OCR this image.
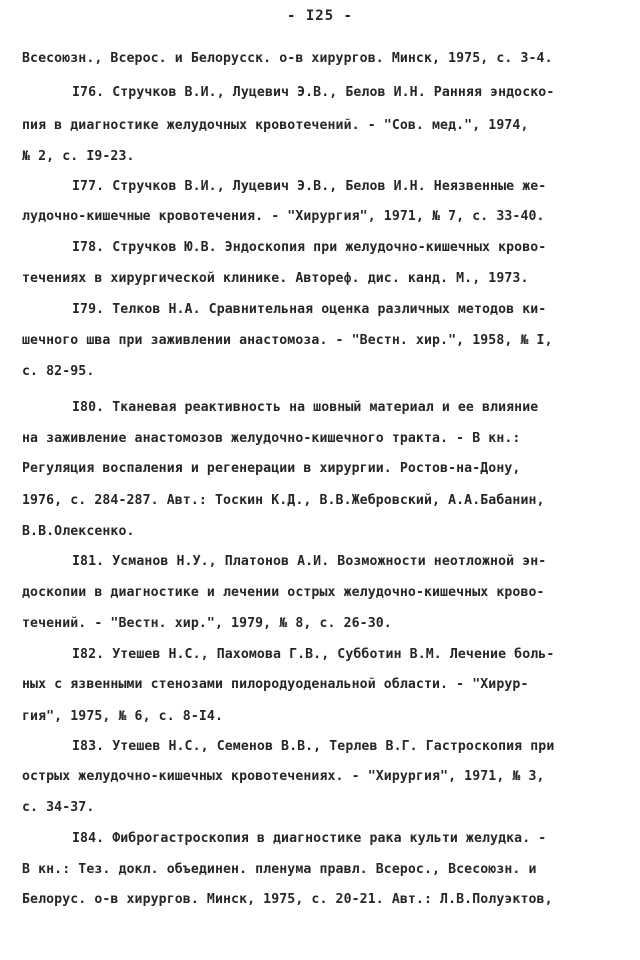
- I25 -
Всесоюзн., Всерос. и Белорусск. о-в хирургов. Минск, 1975, с. 3-4.
I76. Стручков В.И., Луцевич Э.В., Белов И.Н. Ранняя эндоско-
пия в диагностике желудочных кровотечений. - "Сов. мед.", 1974,
№ 2, с. I9-23.
I77. Стручков В.И., Луцевич Э.В., Белов И.Н. Неязвенные же-
лудочно-кишечные кровотечения. - "Хирургия", 1971, № 7, с. 33-40.
I78. Стручков Ю.В. Эндоскопия при желудочно-кишечных крово-
течениях в хирургической клинике. Автореф. дис. канд. М., 1973.
I79. Телков Н.А. Сравнительная оценка различных методов ки-
шечного шва при заживлении анастомоза. - "Вестн. хир.", 1958, № I,
с. 82-95.
I80. Тканевая реактивность на шовный материал и ее влияние
на заживление анастомозов желудочно-кишечного тракта. - В кн.:
Регуляция воспаления и регенерации в хирургии. Ростов-на-Дону,
1976, с. 284-287. Авт.: Тоскин К.Д., В.В.Жебровский, А.А.Бабанин,
В.В.Олексенко.
I81. Усманов Н.У., Платонов А.И. Возможности неотложной эн-
доскопии в диагностике и лечении острых желудочно-кишечных крово-
течений. - "Вестн. хир.", 1979, № 8, с. 26-30.
I82. Утешев Н.С., Пахомова Г.В., Субботин В.М. Лечение боль-
ных с язвенными стенозами пилородуоденальной области. - "Хирур-
гия", 1975, № 6, с. 8-I4.
I83. Утешев Н.С., Семенов В.В., Терлев В.Г. Гастроскопия при
острых желудочно-кишечных кровотечениях. - "Хирургия", 1971, № 3,
с. 34-37.
I84. Фиброгастроскопия в диагностике рака культи желудка. -
В кн.: Тез. докл. объединен. пленума правл. Всерос., Всесоюзн. и
Белорус. о-в хирургов. Минск, 1975, с. 20-21. Авт.: Л.В.Полуэктов,
